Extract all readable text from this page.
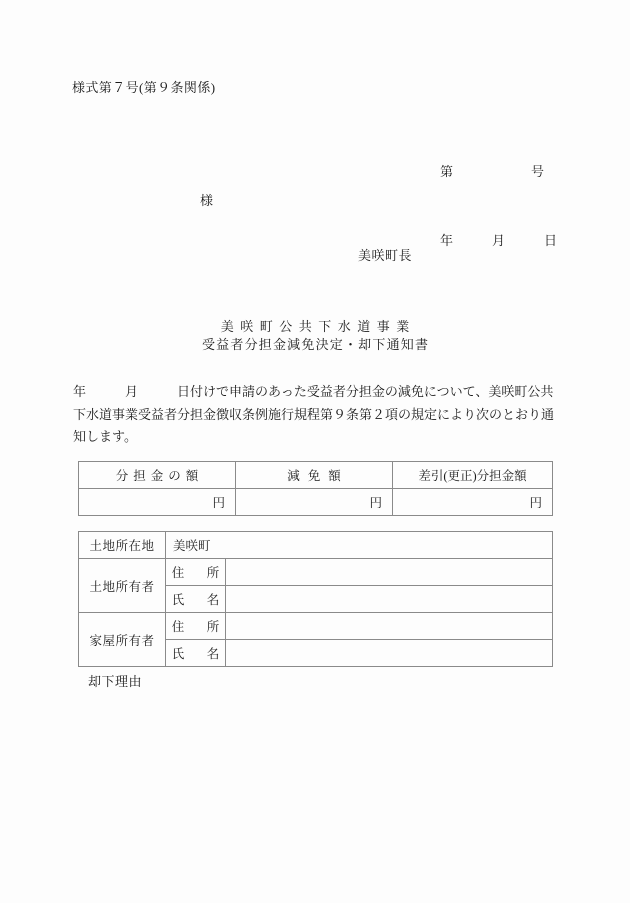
様式第７号(第９条関係)

第　　　　　　号

年　　　月　　　日

様
美咲町長
美咲町公共下水道事業
受益者分担金減免決定・却下通知書
年　　　月　　　日付けで申請のあった受益者分担金の減免について、美咲町公共下水道事業受益者分担金徴収条例施行規程第９条第２項の規定により次のとおり通知します。
分担金の額	減免額	差引(更正)分担金額
円	円	円
土地所在地	美咲町	
土地所有者	住　所	
	氏　名	
家屋所有者	住　所	
	氏　名	
却下理由
